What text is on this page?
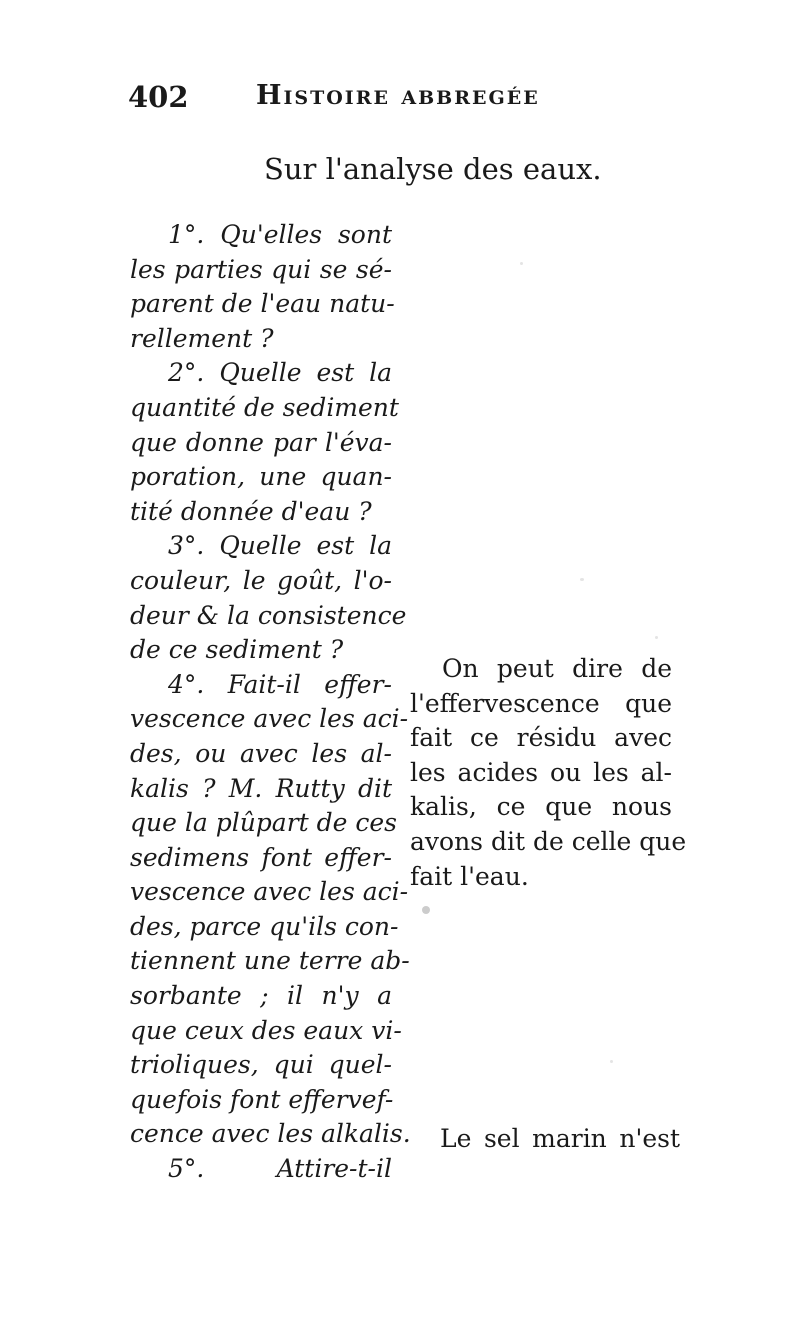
402 Histoire abbregée
Sur l'analyse des eaux.
1°. Qu'elles sont
les parties qui se sé-
parent de l'eau natu-
rellement ?
2°. Quelle est la
quantité de sediment
que donne par l'éva-
poration, une quan-
tité donnée d'eau ?
3°. Quelle est la
couleur, le goût, l'o-
deur & la consistence
de ce sediment ?
4°. Fait-il effer-
vescence avec les aci-
des, ou avec les al-
kalis ? M. Rutty dit
que la plûpart de ces
sedimens font effer-
vescence avec les aci-
des, parce qu'ils con-
tiennent une terre ab-
sorbante ; il n'y a
que ceux des eaux vi-
trioliques, qui quel-
quefois font effervef-
cence avec les alkalis.
5°. Attire-t-il
On peut dire de
l'effervescence que
fait ce résidu avec
les acides ou les al-
kalis, ce que nous
avons dit de celle que
fait l'eau.
Le sel marin n'est
